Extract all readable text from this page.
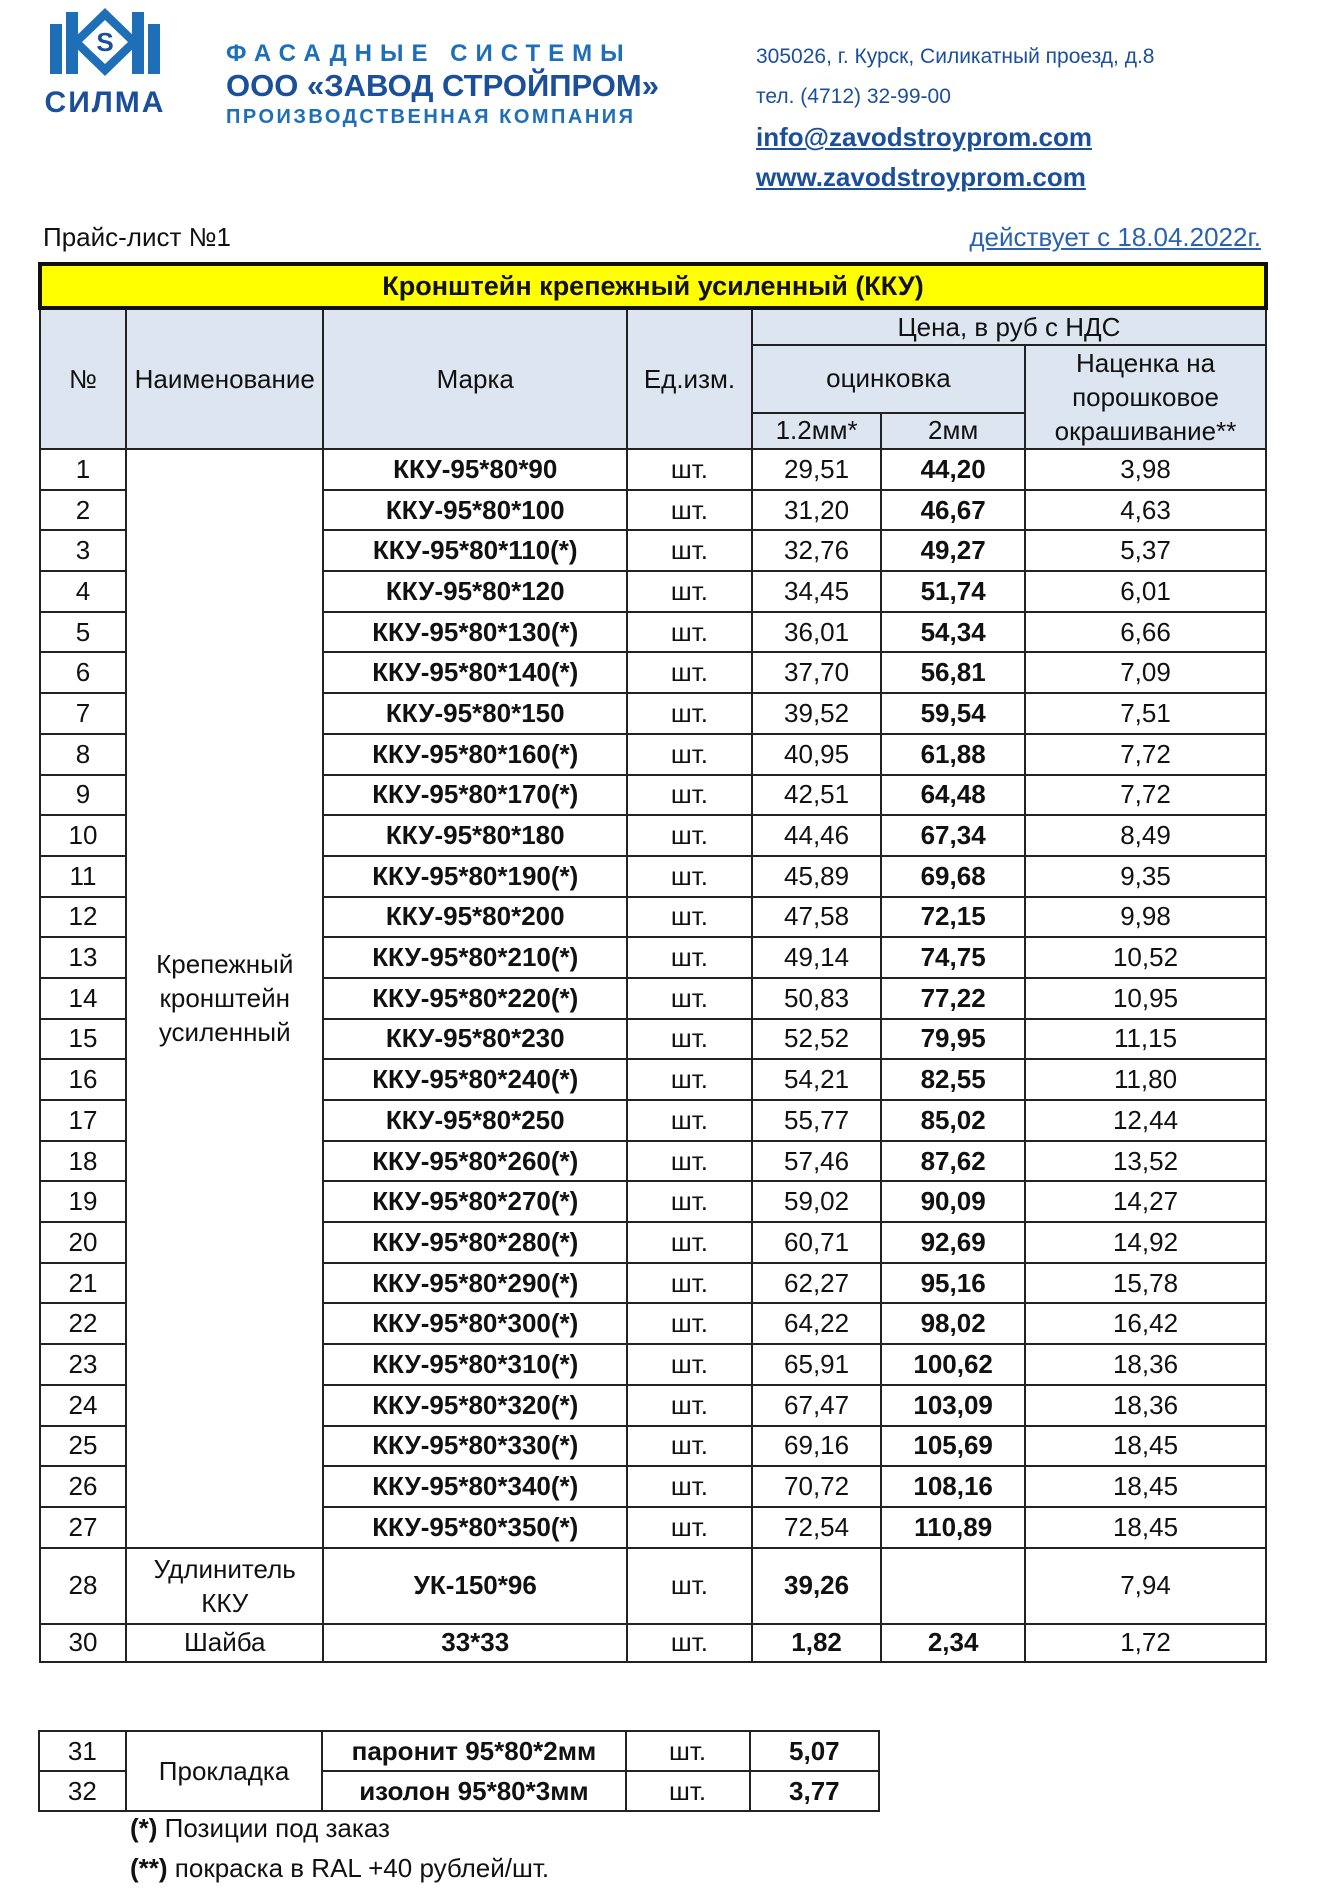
S
СИЛМА
ФАСАДНЫЕ СИСТЕМЫ
ООО «ЗАВОД СТРОЙПРОМ»
ПРОИЗВОДСТВЕННАЯ КОМПАНИЯ
305026, г. Курск, Силикатный проезд, д.8
тел. (4712) 32-99-00
info@zavodstroyprom.com
www.zavodstroyprom.com
Прайс-лист №1	действует с 18.04.2022г.
Кронштейн крепежный усиленный (ККУ)						
№	Наименование	Марка	Ед.изм.	Цена, в руб с НДС		
				оцинковка		Наценка на
порошковое
окрашивание**
				1.2мм*	2мм	
1	Крепежный
кронштейн
усиленный	ККУ-95*80*90	шт.	29,51	44,20	3,98
2		ККУ-95*80*100	шт.	31,20	46,67	4,63
3		ККУ-95*80*110(*)	шт.	32,76	49,27	5,37
4		ККУ-95*80*120	шт.	34,45	51,74	6,01
5		ККУ-95*80*130(*)	шт.	36,01	54,34	6,66
6		ККУ-95*80*140(*)	шт.	37,70	56,81	7,09
7		ККУ-95*80*150	шт.	39,52	59,54	7,51
8		ККУ-95*80*160(*)	шт.	40,95	61,88	7,72
9		ККУ-95*80*170(*)	шт.	42,51	64,48	7,72
10		ККУ-95*80*180	шт.	44,46	67,34	8,49
11		ККУ-95*80*190(*)	шт.	45,89	69,68	9,35
12		ККУ-95*80*200	шт.	47,58	72,15	9,98
13		ККУ-95*80*210(*)	шт.	49,14	74,75	10,52
14		ККУ-95*80*220(*)	шт.	50,83	77,22	10,95
15		ККУ-95*80*230	шт.	52,52	79,95	11,15
16		ККУ-95*80*240(*)	шт.	54,21	82,55	11,80
17		ККУ-95*80*250	шт.	55,77	85,02	12,44
18		ККУ-95*80*260(*)	шт.	57,46	87,62	13,52
19		ККУ-95*80*270(*)	шт.	59,02	90,09	14,27
20		ККУ-95*80*280(*)	шт.	60,71	92,69	14,92
21		ККУ-95*80*290(*)	шт.	62,27	95,16	15,78
22		ККУ-95*80*300(*)	шт.	64,22	98,02	16,42
23		ККУ-95*80*310(*)	шт.	65,91	100,62	18,36
24		ККУ-95*80*320(*)	шт.	67,47	103,09	18,36
25		ККУ-95*80*330(*)	шт.	69,16	105,69	18,45
26		ККУ-95*80*340(*)	шт.	70,72	108,16	18,45
27		ККУ-95*80*350(*)	шт.	72,54	110,89	18,45
28	Удлинитель
ККУ	УК-150*96	шт.	39,26		7,94
30	Шайба	33*33	шт.	1,82	2,34	1,72
31	Прокладка	паронит 95*80*2мм	шт.	5,07
32		изолон 95*80*3мм	шт.	3,77
(*) Позиции под заказ
(**) покраска в RAL +40 рублей/шт.
